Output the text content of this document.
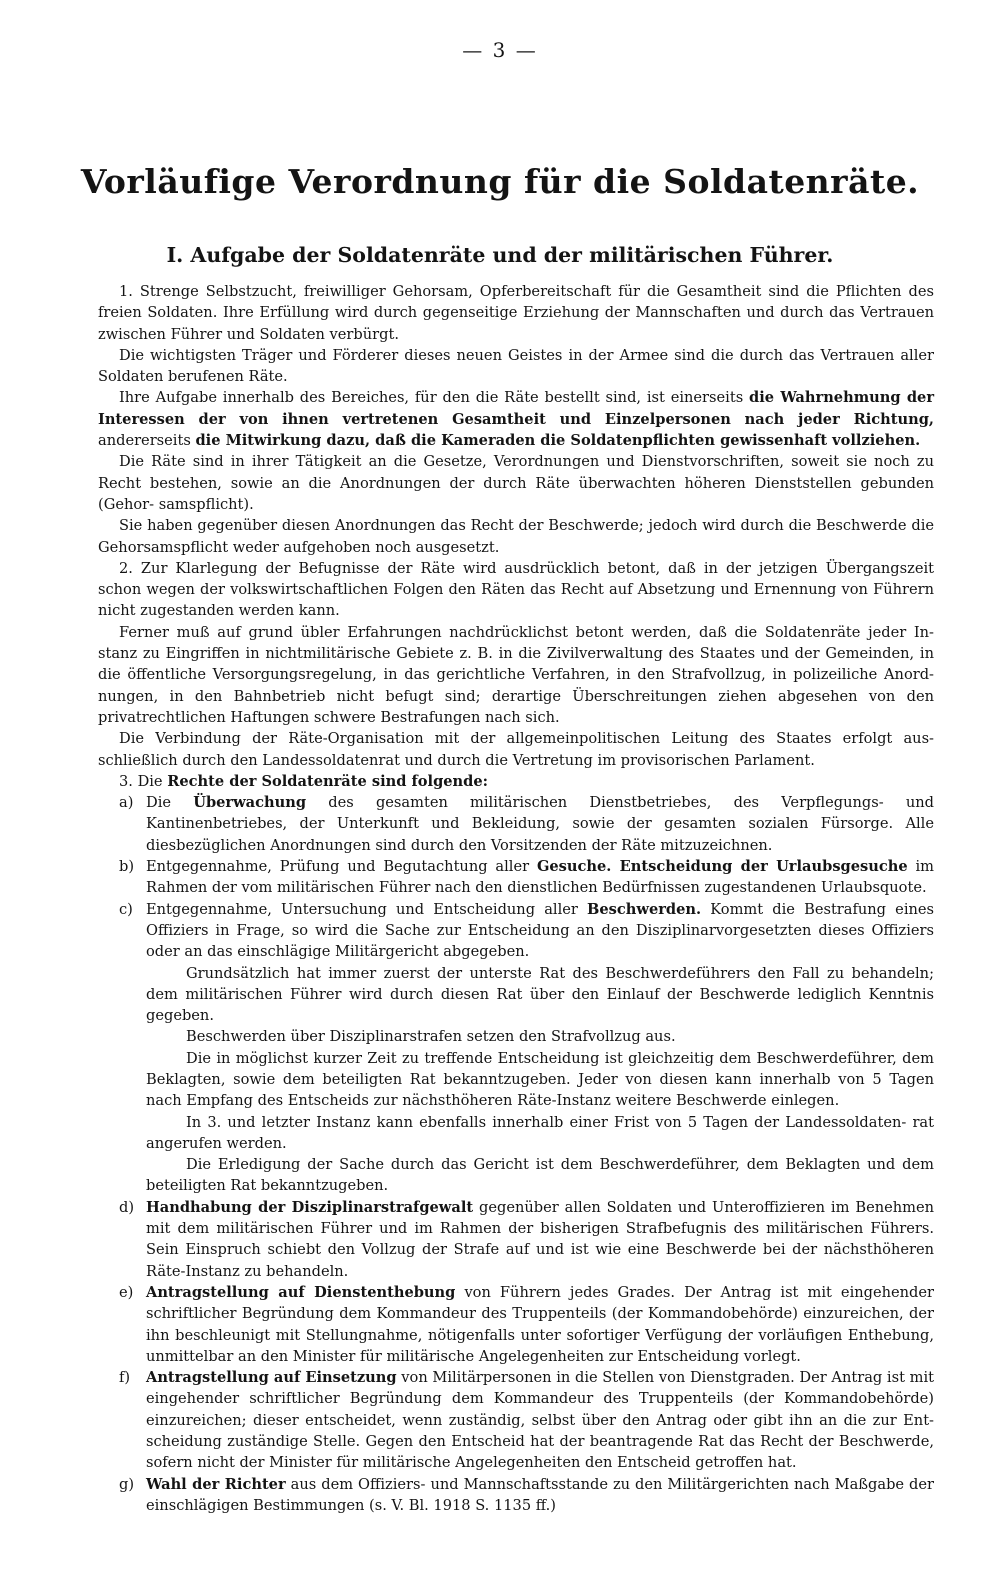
— 3 —
Vorläufige Verordnung für die Soldatenräte.
I. Aufgabe der Soldatenräte und der militärischen Führer.

1. Strenge Selbstzucht, freiwilliger Gehorsam, Opferbereitschaft für die Gesamtheit sind die Pflichten des freien Soldaten. Ihre Erfüllung wird durch gegenseitige Erziehung der Mannschaften und durch das Vertrauen zwischen Führer und Soldaten verbürgt.

Die wichtigsten Träger und Förderer dieses neuen Geistes in der Armee sind die durch das Vertrauen aller Soldaten berufenen Räte.

Ihre Aufgabe innerhalb des Bereiches, für den die Räte bestellt sind, ist einerseits die Wahrnehmung der Interessen der von ihnen vertretenen Gesamtheit und Einzelpersonen nach jeder Richtung, andererseits die Mitwirkung dazu, daß die Kameraden die Soldatenpflichten gewissenhaft vollziehen.

Die Räte sind in ihrer Tätigkeit an die Gesetze, Verordnungen und Dienstvorschriften, soweit sie noch zu Recht bestehen, sowie an die Anordnungen der durch Räte überwachten höheren Dienststellen gebunden (Gehor- samspflicht).

Sie haben gegenüber diesen Anordnungen das Recht der Beschwerde; jedoch wird durch die Beschwerde die Gehorsamspflicht weder aufgehoben noch ausgesetzt.

2. Zur Klarlegung der Befugnisse der Räte wird ausdrücklich betont, daß in der jetzigen Übergangszeit schon wegen der volkswirtschaftlichen Folgen den Räten das Recht auf Absetzung und Ernennung von Führern nicht zugestanden werden kann.

Ferner muß auf grund übler Erfahrungen nachdrücklichst betont werden, daß die Soldatenräte jeder In- stanz zu Eingriffen in nichtmilitärische Gebiete z. B. in die Zivilverwaltung des Staates und der Gemeinden, in die öffentliche Versorgungsregelung, in das gerichtliche Verfahren, in den Strafvollzug, in polizeiliche Anord- nungen, in den Bahnbetrieb nicht befugt sind; derartige Überschreitungen ziehen abgesehen von den privatrechtlichen Haftungen schwere Bestrafungen nach sich.

Die Verbindung der Räte-Organisation mit der allgemeinpolitischen Leitung des Staates erfolgt aus- schließlich durch den Landessoldatenrat und durch die Vertretung im provisorischen Parlament.

3. Die Rechte der Soldatenräte sind folgende:

a) Die Überwachung des gesamten militärischen Dienstbetriebes, des Verpflegungs- und Kantinenbetriebes, der Unterkunft und Bekleidung, sowie der gesamten sozialen Fürsorge. Alle diesbezüglichen Anordnungen sind durch den Vorsitzenden der Räte mitzuzeichnen.

b) Entgegennahme, Prüfung und Begutachtung aller Gesuche. Entscheidung der Urlaubsgesuche im Rahmen der vom militärischen Führer nach den dienstlichen Bedürfnissen zugestandenen Urlaubsquote.

c) Entgegennahme, Untersuchung und Entscheidung aller Beschwerden. Kommt die Bestrafung eines Offiziers in Frage, so wird die Sache zur Entscheidung an den Disziplinarvorgesetzten dieses Offiziers oder an das einschlägige Militärgericht abgegeben.

Grundsätzlich hat immer zuerst der unterste Rat des Beschwerdeführers den Fall zu behandeln; dem militärischen Führer wird durch diesen Rat über den Einlauf der Beschwerde lediglich Kenntnis gegeben.

Beschwerden über Disziplinarstrafen setzen den Strafvollzug aus.

Die in möglichst kurzer Zeit zu treffende Entscheidung ist gleichzeitig dem Beschwerdeführer, dem Beklagten, sowie dem beteiligten Rat bekanntzugeben. Jeder von diesen kann innerhalb von 5 Tagen nach Empfang des Entscheids zur nächsthöheren Räte-Instanz weitere Beschwerde einlegen.

In 3. und letzter Instanz kann ebenfalls innerhalb einer Frist von 5 Tagen der Landessoldaten- rat angerufen werden.

Die Erledigung der Sache durch das Gericht ist dem Beschwerdeführer, dem Beklagten und dem beteiligten Rat bekanntzugeben.

d) Handhabung der Disziplinarstrafgewalt gegenüber allen Soldaten und Unteroffizieren im Benehmen mit dem militärischen Führer und im Rahmen der bisherigen Strafbefugnis des militärischen Führers. Sein Einspruch schiebt den Vollzug der Strafe auf und ist wie eine Beschwerde bei der nächsthöheren Räte-Instanz zu behandeln.

e) Antragstellung auf Dienstenthebung von Führern jedes Grades. Der Antrag ist mit eingehender schriftlicher Begründung dem Kommandeur des Truppenteils (der Kommandobehörde) einzureichen, der ihn beschleunigt mit Stellungnahme, nötigenfalls unter sofortiger Verfügung der vorläufigen Enthebung, unmittelbar an den Minister für militärische Angelegenheiten zur Entscheidung vorlegt.

f) Antragstellung auf Einsetzung von Militärpersonen in die Stellen von Dienstgraden. Der Antrag ist mit eingehender schriftlicher Begründung dem Kommandeur des Truppenteils (der Kommandobehörde) einzureichen; dieser entscheidet, wenn zuständig, selbst über den Antrag oder gibt ihn an die zur Ent- scheidung zuständige Stelle. Gegen den Entscheid hat der beantragende Rat das Recht der Beschwerde, sofern nicht der Minister für militärische Angelegenheiten den Entscheid getroffen hat.

g) Wahl der Richter aus dem Offiziers- und Mannschaftsstande zu den Militärgerichten nach Maßgabe der einschlägigen Bestimmungen (s. V. Bl. 1918 S. 1135 ff.)
